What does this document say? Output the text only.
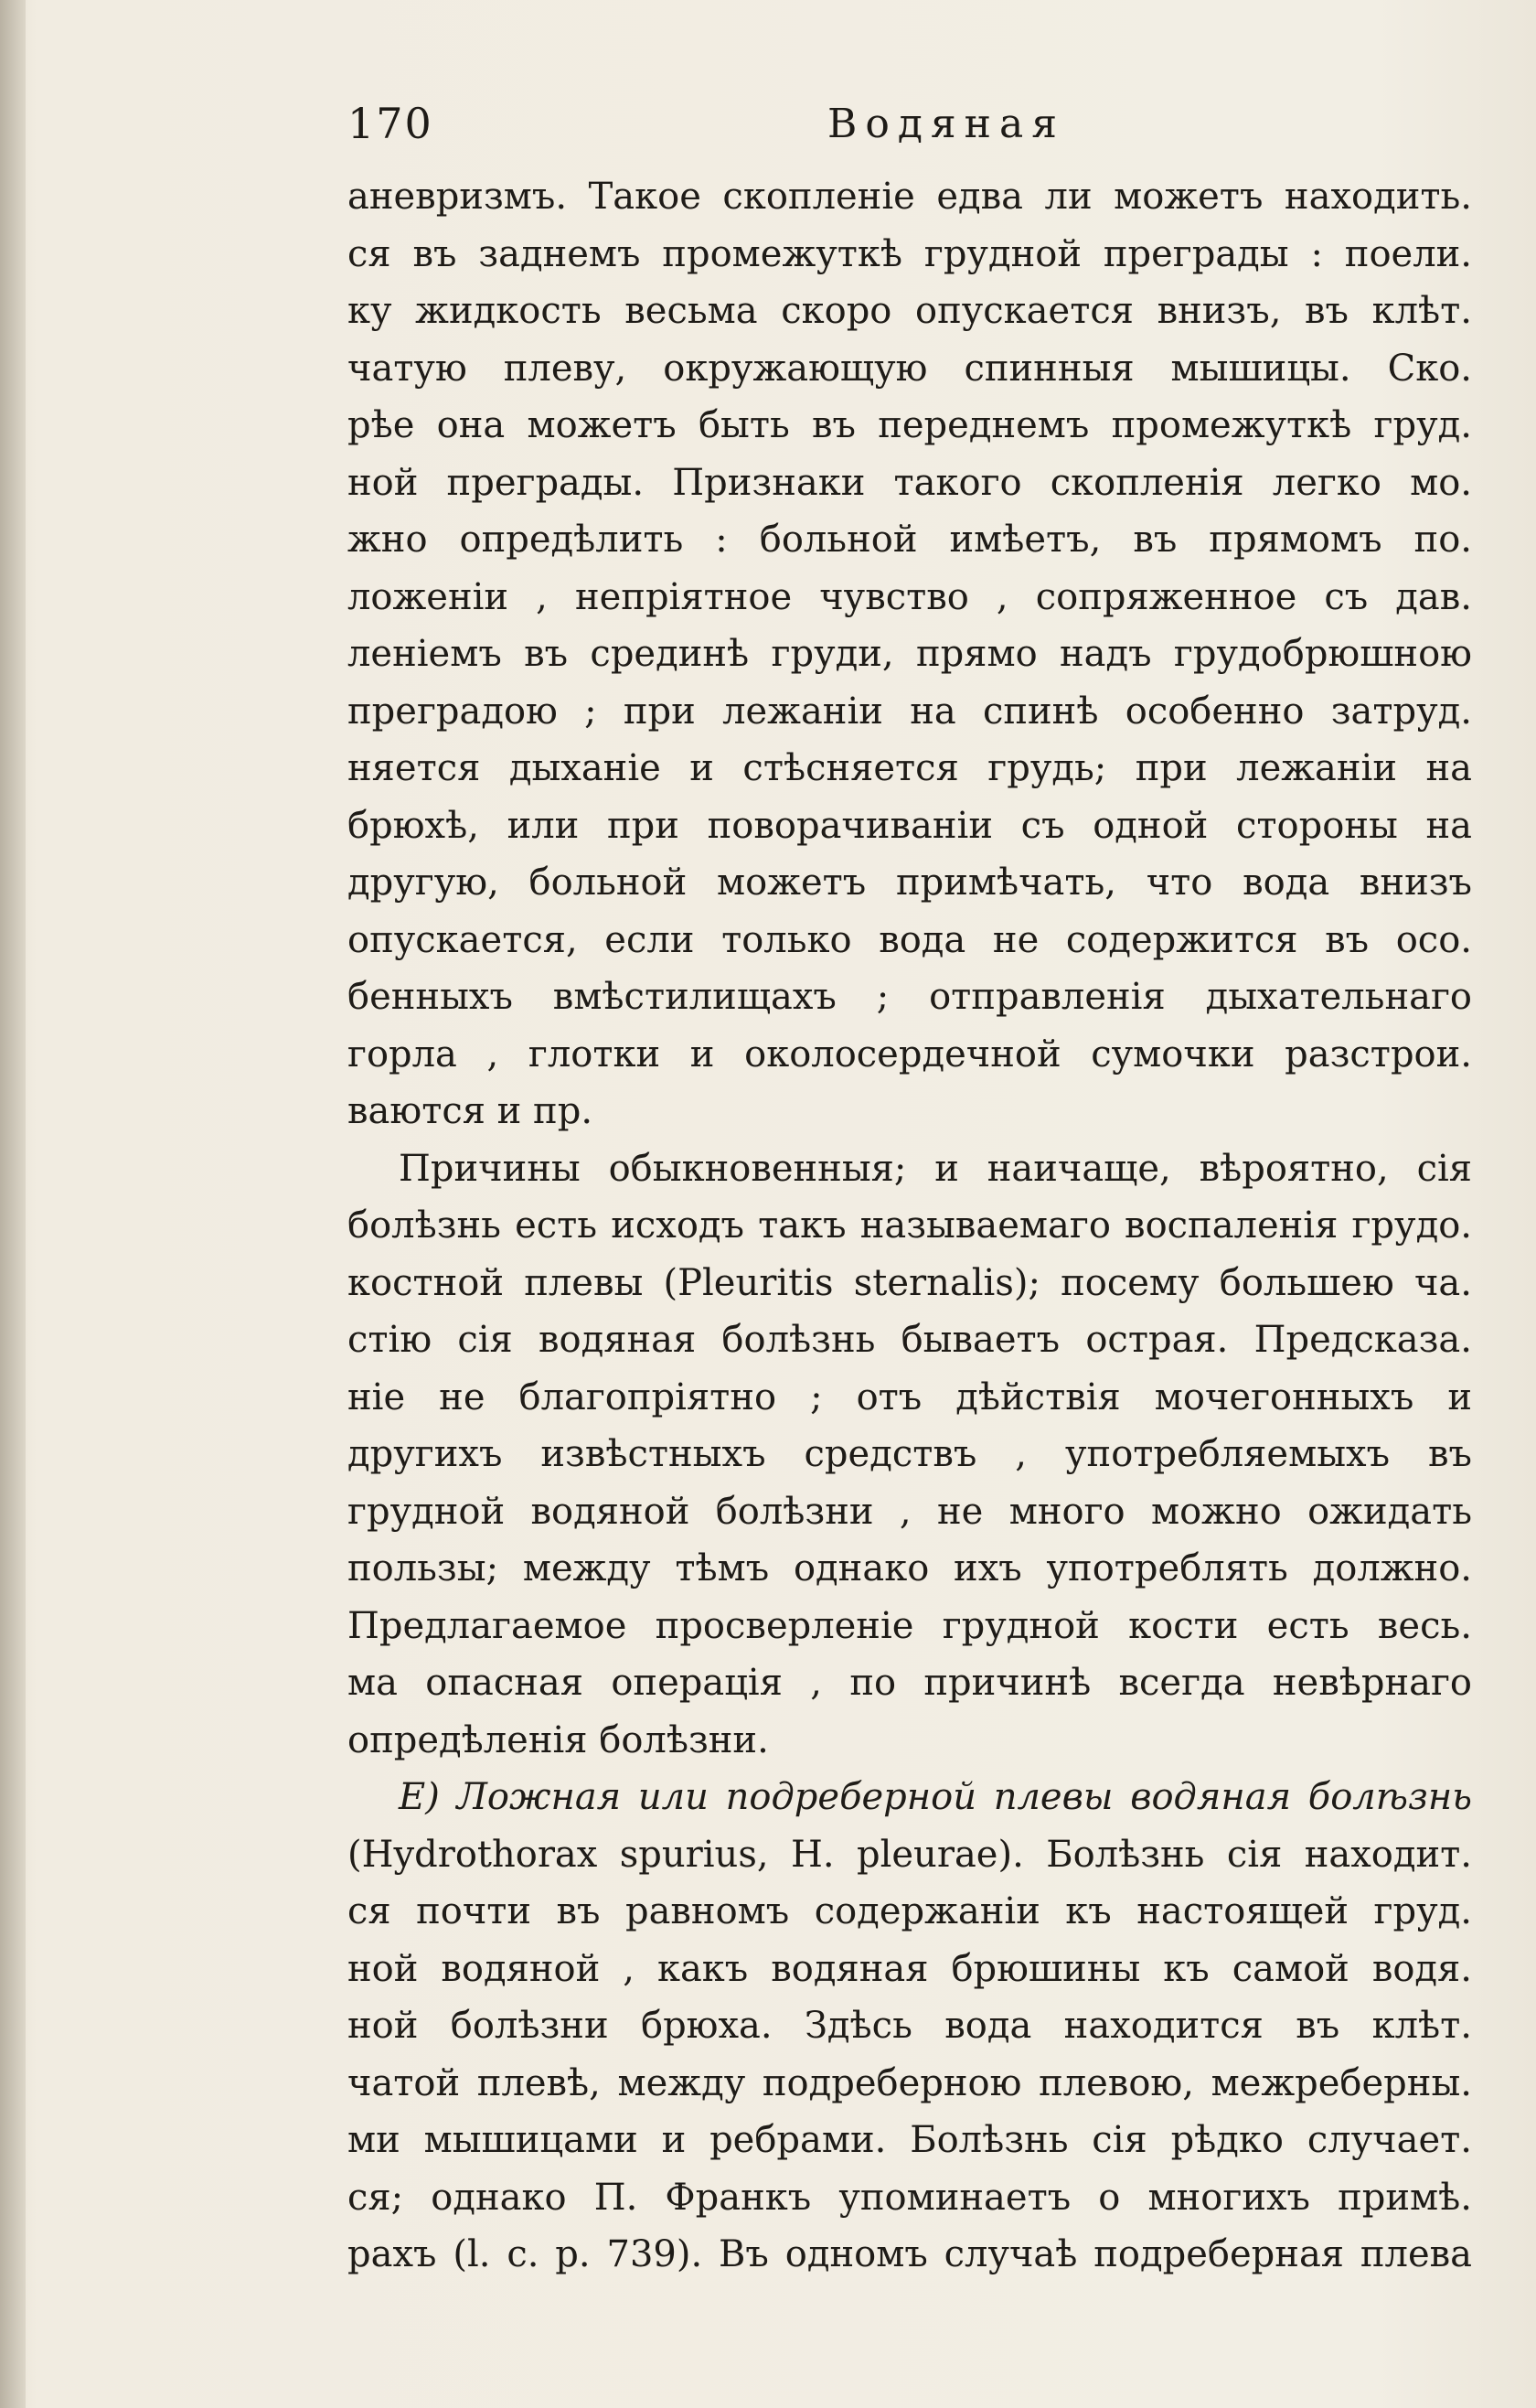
170	Водяная
аневризмъ. Такое скопленіе едва ли можетъ находить.
ся въ заднемъ промежуткѣ грудной преграды : поели.
ку жидкость весьма скоро опускается внизъ, въ клѣт.
чатую плеву, окружающую спинныя мышицы. Ско.
рѣе она можетъ быть въ переднемъ промежуткѣ груд.
ной преграды. Признаки такого скопленія легко мо.
жно опредѣлить : больной имѣетъ, въ прямомъ по.
ложеніи , непріятное чувство , сопряженное съ дав.
леніемъ въ срединѣ груди, прямо надъ грудобрюшною
преградою ; при лежаніи на спинѣ особенно затруд.
няется дыханіе и стѣсняется грудь; при лежаніи на
брюхѣ, или при поворачиваніи съ одной стороны на
другую, больной можетъ примѣчать, что вода внизъ
опускается, если только вода не содержится въ осо.
бенныхъ вмѣстилищахъ ; отправленія дыхательнаго
горла , глотки и околосердечной сумочки разстрои.
ваются и пр.
Причины обыкновенныя; и наичаще, вѣроятно, сія
болѣзнь есть исходъ такъ называемаго воспаленія грудо.
костной плевы (Pleuritis sternalis); посему большею ча.
стію сія водяная болѣзнь бываетъ острая. Предсказа.
ніе не благопріятно ; отъ дѣйствія мочегонныхъ и
другихъ извѣстныхъ средствъ , употребляемыхъ въ
грудной водяной болѣзни , не много можно ожидать
пользы; между тѣмъ однако ихъ употреблять должно.
Предлагаемое просверленіе грудной кости есть весь.
ма опасная операція , по причинѣ всегда невѣрнаго
опредѣленія болѣзни.
Е) Ложная или подреберной плевы водяная болѣзнь
(Hydrothorax spurius, H. pleurae). Болѣзнь сія находит.
ся почти въ равномъ содержаніи къ настоящей груд.
ной водяной , какъ водяная брюшины къ самой водя.
ной болѣзни брюха. Здѣсь вода находится въ клѣт.
чатой плевѣ, между подреберною плевою, межреберны.
ми мышицами и ребрами. Болѣзнь сія рѣдко случает.
ся; однако П. Франкъ упоминаетъ о многихъ примѣ.
рахъ (l. c. p. 739). Въ одномъ случаѣ подреберная плева
